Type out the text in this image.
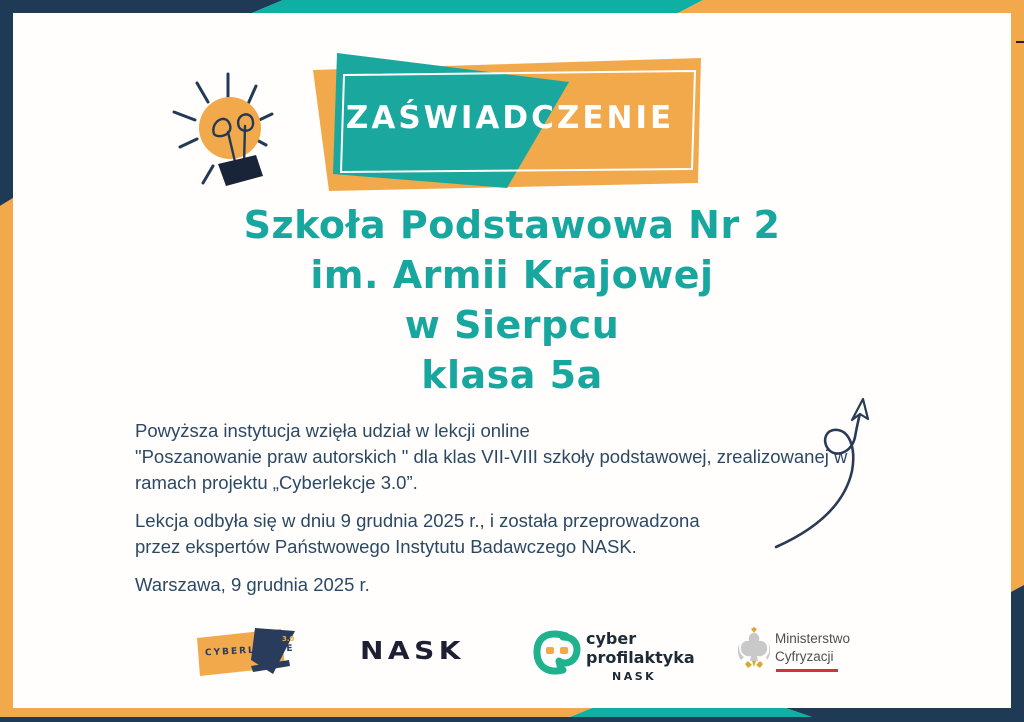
ZAŚWIADCZENIE
Szkoła Podstawowa Nr 2
im. Armii Krajowej
w Sierpcu
klasa 5a
Powyższa instytucja wzięła udział w lekcji online
"Poszanowanie praw autorskich " dla klas VII-VIII szkoły podstawowej, zrealizowanej w
ramach projektu „Cyberlekcje 3.0”.
Lekcja odbyła się w dniu 9 grudnia 2025 r., i została przeprowadzona
przez ekspertów Państwowego Instytutu Badawczego NASK.
Warszawa, 9 grudnia 2025 r.
3.0
CYBERLEKCJE	NASK	cyber
profilaktyka
NASK
Ministerstwo
Cyfryzacji
